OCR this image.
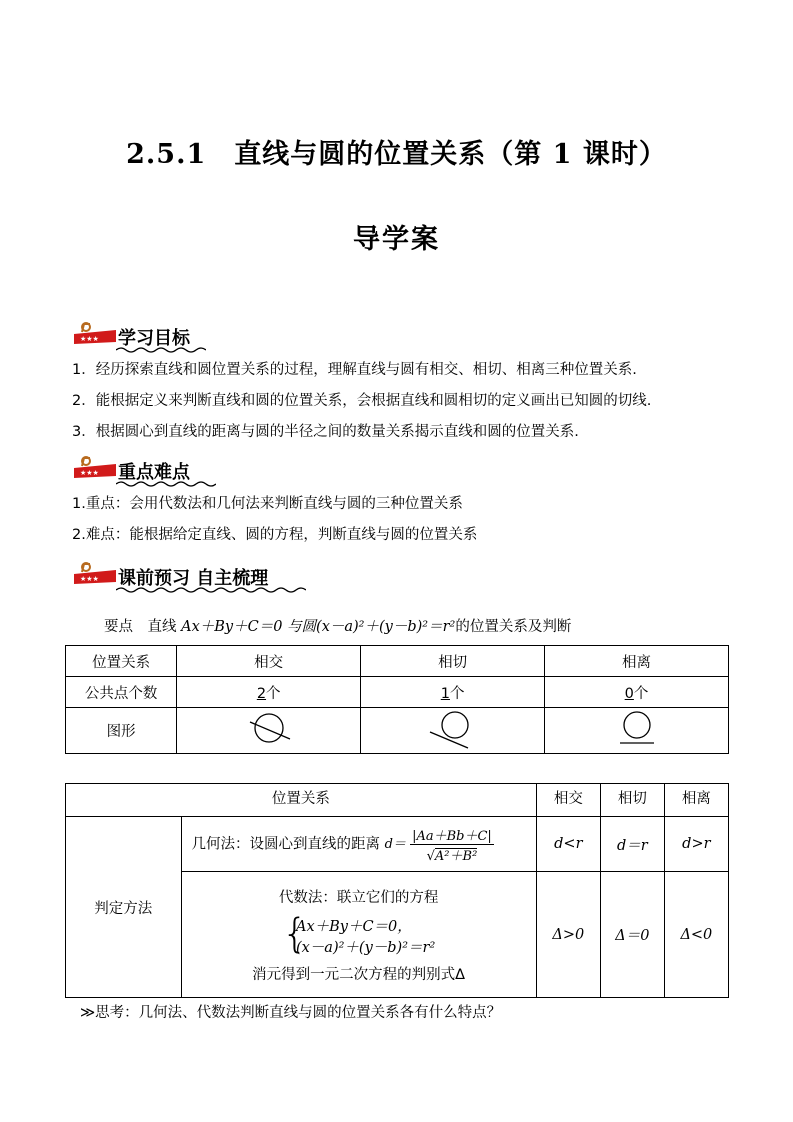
2.5.1　直线与圆的位置关系（第 1 课时）
导学案
★★★ 学习目标
1．经历探索直线和圆位置关系的过程，理解直线与圆有相交、相切、相离三种位置关系.
2．能根据定义来判断直线和圆的位置关系，会根据直线和圆相切的定义画出已知圆的切线.
3．根据圆心到直线的距离与圆的半径之间的数量关系揭示直线和圆的位置关系.
★★★ 重点难点
1.重点：会用代数法和几何法来判断直线与圆的三种位置关系
2.难点：能根据给定直线、圆的方程，判断直线与圆的位置关系
★★★ 课前预习 自主梳理
要点　直线 Ax＋By＋C＝0 与圆(x－a)²＋(y－b)²＝r²的位置关系及判断
位置关系	相交	相切	相离
公共点个数	2个	1个	0个
图形			
位置关系		相交	相切	相离
判定方法	几何法：设圆心到直线的距离 $d= \frac{|Aa+Bb+C|}{\text{√A²＋B²}}$	d<r	d＝r	d>r

	代数法：联立它们的方程
{
Ax＋By＋C＝0，
(x－a)²＋(y－b)²＝r²
消元得到一元二次方程的判别式Δ	Δ>0	Δ＝0	Δ<0
≫思考：几何法、代数法判断直线与圆的位置关系各有什么特点？
